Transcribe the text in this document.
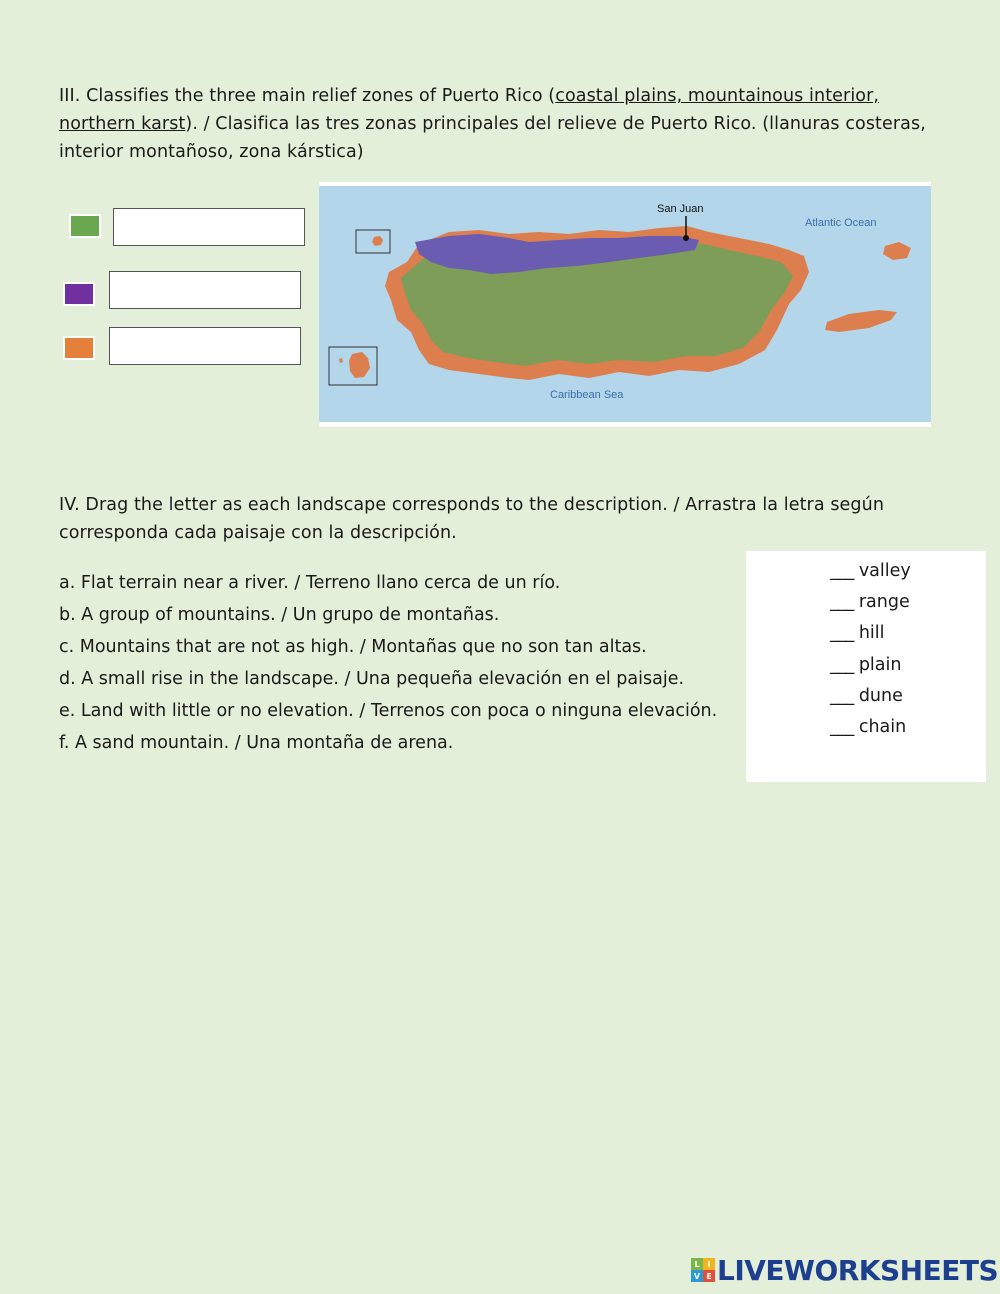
III. Classifies the three main relief zones of Puerto Rico (coastal plains, mountainous interior, northern karst). / Clasifica las tres zonas principales del relieve de Puerto Rico. (llanuras costeras, interior montañoso, zona kárstica)
San Juan
Atlantic Ocean
Caribbean Sea
IV. Drag the letter as each landscape corresponds to the description. / Arrastra la letra según corresponda cada paisaje con la descripción.
a. Flat terrain near a river. / Terreno llano cerca de un río.
b. A group of mountains. / Un grupo de montañas.
c. Mountains that are not as high. / Montañas que no son tan altas.
d. A small rise in the landscape. / Una pequeña elevación en el paisaje.
e. Land with little or no elevation. / Terrenos con poca o ninguna elevación.
f. A sand mountain. / Una montaña de arena.
___ valley
___ range
___ hill
___ plain
___ dune
___ chain
L I
V E LIVEWORKSHEETS
